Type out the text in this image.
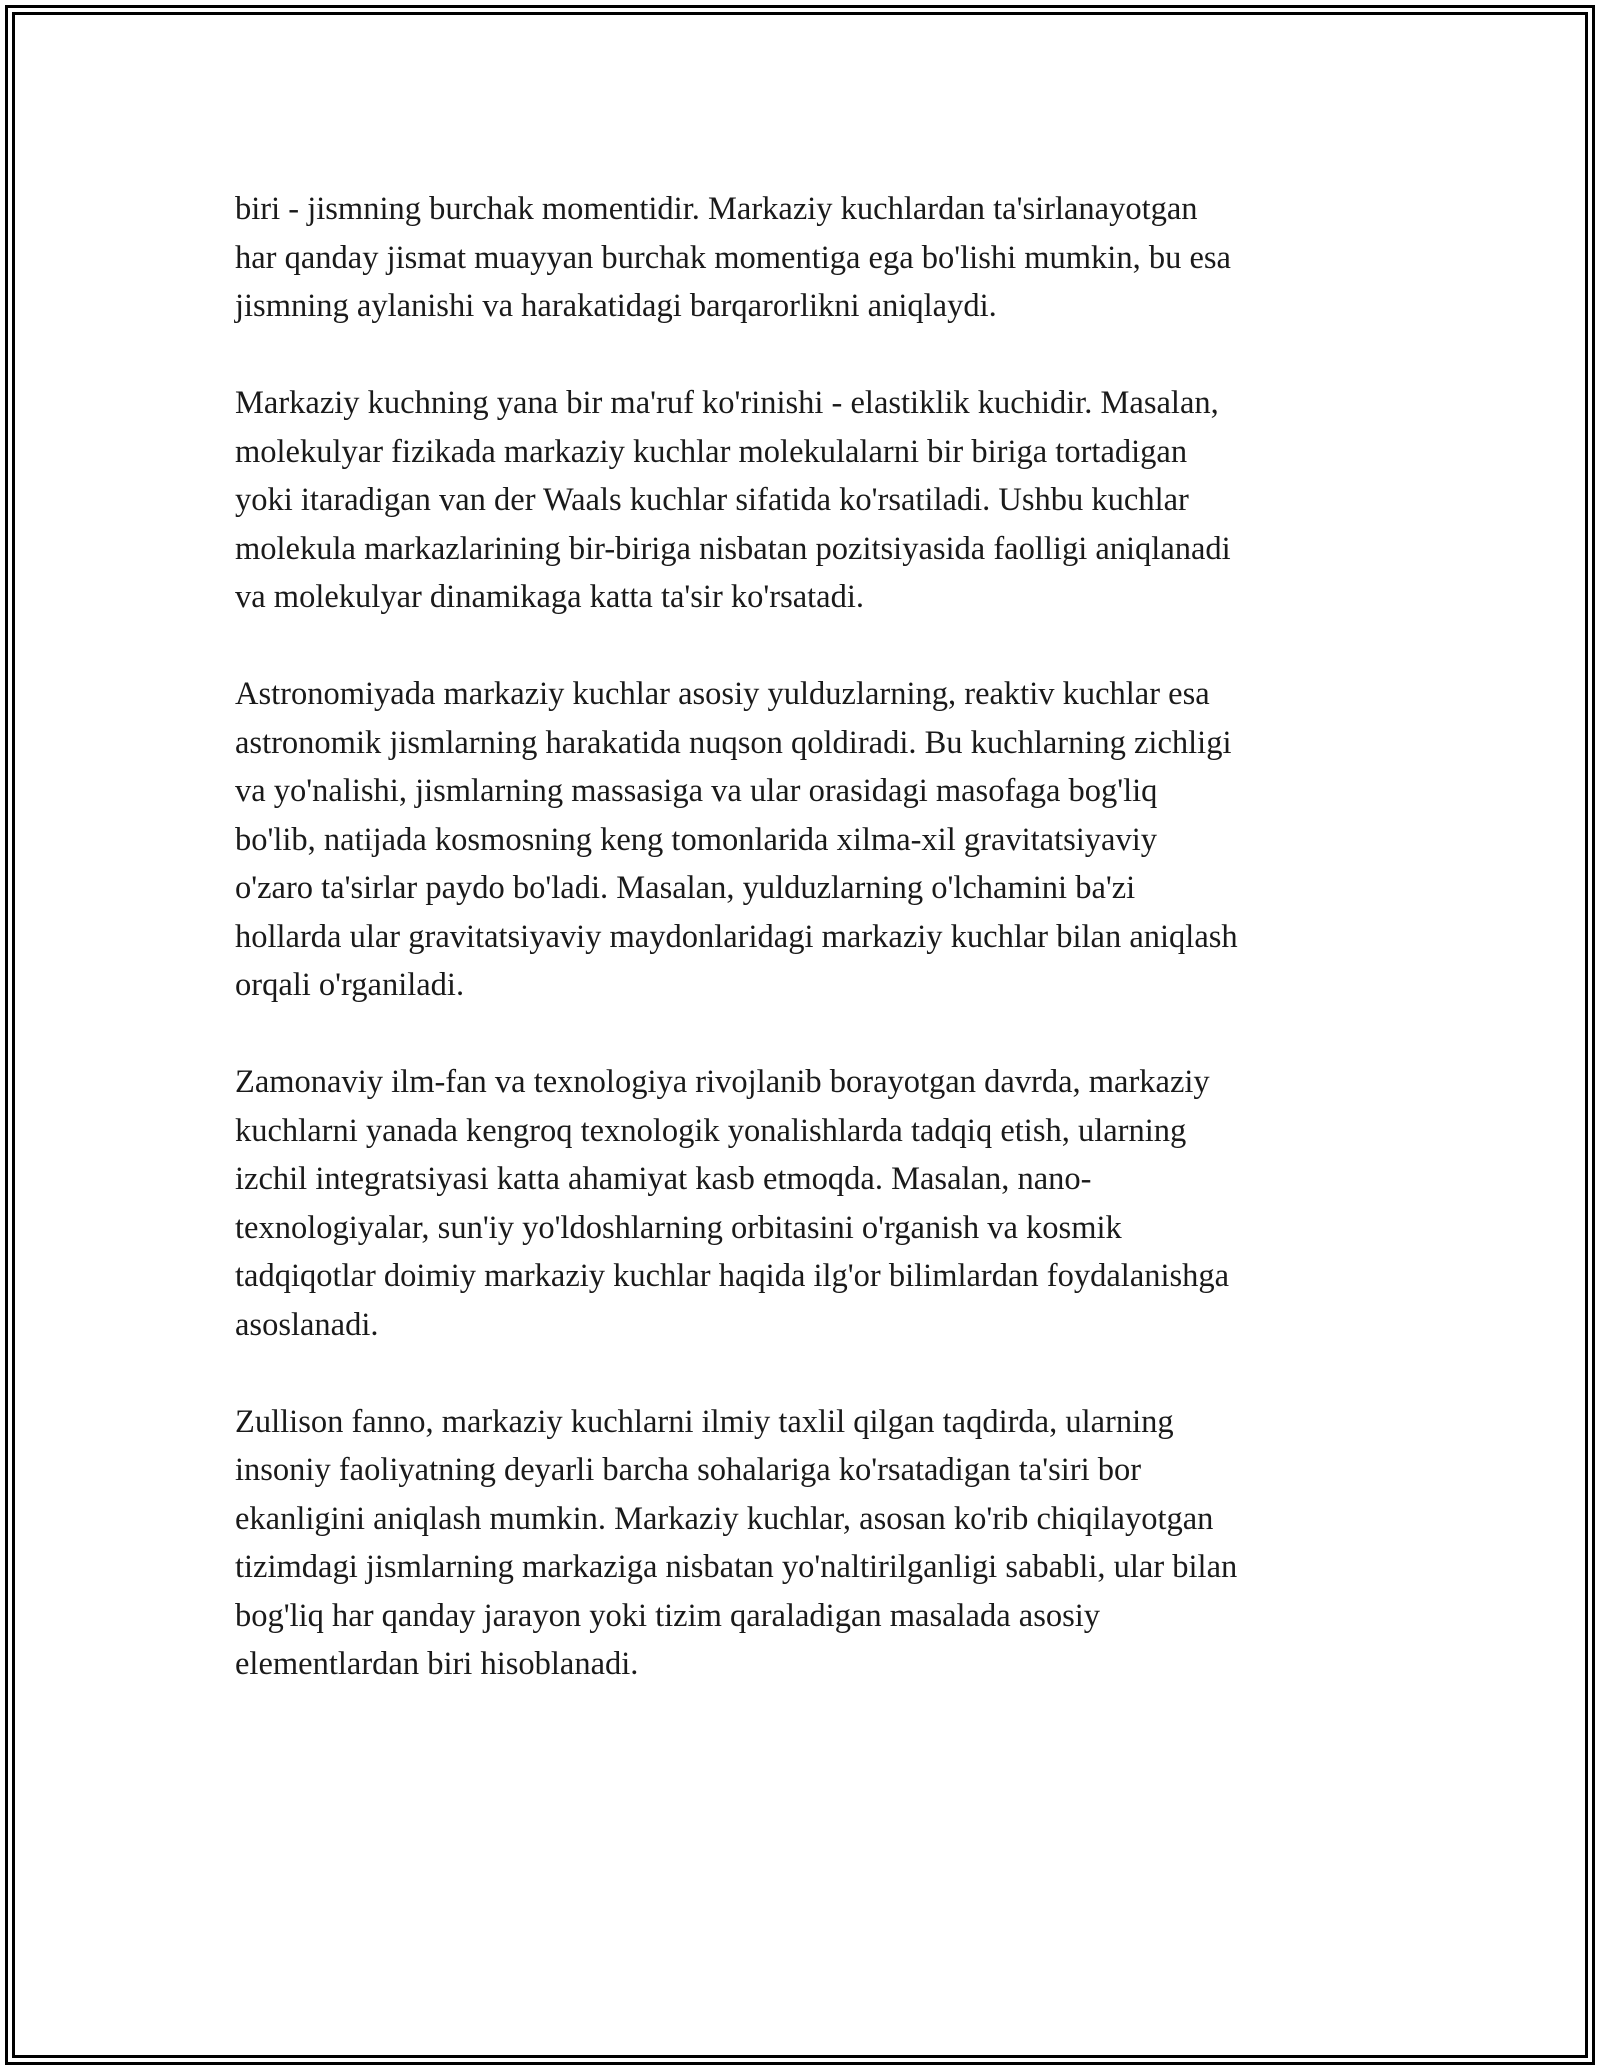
biri - jismning burchak momentidir. Markaziy kuchlardan ta'sirlanayotgan
har qanday jismat muayyan burchak momentiga ega bo'lishi mumkin, bu esa
jismning aylanishi va harakatidagi barqarorlikni aniqlaydi.

Markaziy kuchning yana bir ma'ruf ko'rinishi - elastiklik kuchidir. Masalan,
molekulyar fizikada markaziy kuchlar molekulalarni bir biriga tortadigan
yoki itaradigan van der Waals kuchlar sifatida ko'rsatiladi. Ushbu kuchlar
molekula markazlarining bir-biriga nisbatan pozitsiyasida faolligi aniqlanadi
va molekulyar dinamikaga katta ta'sir ko'rsatadi.

Astronomiyada markaziy kuchlar asosiy yulduzlarning, reaktiv kuchlar esa
astronomik jismlarning harakatida nuqson qoldiradi. Bu kuchlarning zichligi
va yo'nalishi, jismlarning massasiga va ular orasidagi masofaga bog'liq
bo'lib, natijada kosmosning keng tomonlarida xilma-xil gravitatsiyaviy
o'zaro ta'sirlar paydo bo'ladi. Masalan, yulduzlarning o'lchamini ba'zi
hollarda ular gravitatsiyaviy maydonlaridagi markaziy kuchlar bilan aniqlash
orqali o'rganiladi.

Zamonaviy ilm-fan va texnologiya rivojlanib borayotgan davrda, markaziy
kuchlarni yanada kengroq texnologik yonalishlarda tadqiq etish, ularning
izchil integratsiyasi katta ahamiyat kasb etmoqda. Masalan, nano-
texnologiyalar, sun'iy yo'ldoshlarning orbitasini o'rganish va kosmik
tadqiqotlar doimiy markaziy kuchlar haqida ilg'or bilimlardan foydalanishga
asoslanadi.

Zullison fanno, markaziy kuchlarni ilmiy taxlil qilgan taqdirda, ularning
insoniy faoliyatning deyarli barcha sohalariga ko'rsatadigan ta'siri bor
ekanligini aniqlash mumkin. Markaziy kuchlar, asosan ko'rib chiqilayotgan
tizimdagi jismlarning markaziga nisbatan yo'naltirilganligi sababli, ular bilan
bog'liq har qanday jarayon yoki tizim qaraladigan masalada asosiy
elementlardan biri hisoblanadi.
